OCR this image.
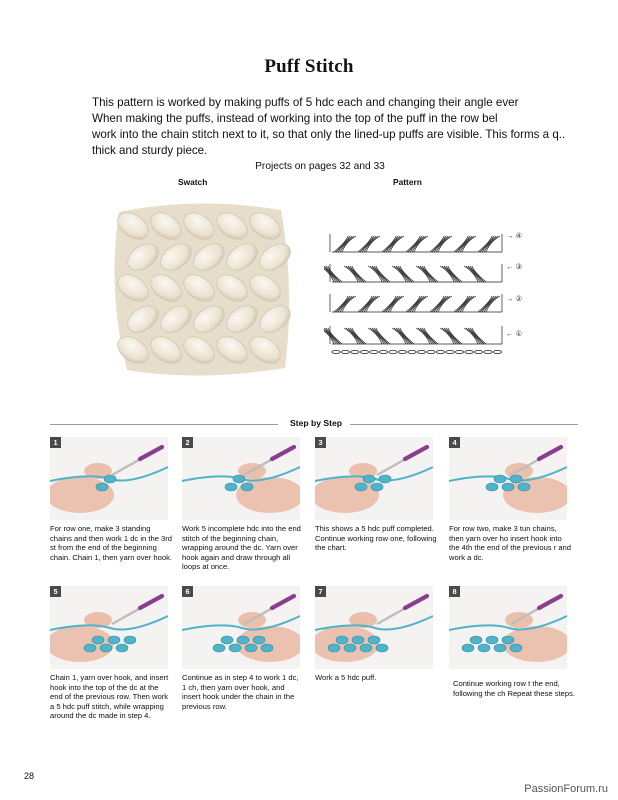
Puff Stitch
This pattern is worked by making puffs of 5 hdc each and changing their angle ever
When making the puffs, instead of working into the top of the puff in the row bel
work into the chain stitch next to it, so that only the lined-up puffs are visible. This forms a q..
thick and sturdy piece.
Projects on pages 32 and 33
Swatch	Pattern
→ ④
← ③
→ ②
← ①
Step by Step
1
For row one, make 3 standing chains and then work 1 dc in the 3rd st from the end of the beginning chain. Chain 1, then yarn over hook.
2
Work 5 incomplete hdc into the end stitch of the beginning chain, wrapping around the dc. Yarn over hook again and draw through all loops at once.
3
This shows a 5 hdc puff completed. Continue working row one, following the chart.
4
For row two, make 3 tun chains, then yarn over ho insert hook into the 4th the end of the previous r and work a dc.
5
Chain 1, yarn over hook, and insert hook into the top of the dc at the end of the previous row. Then work a 5 hdc puff stitch, while wrapping around the dc made in step 4.
6
Continue as in step 4 to work 1 dc, 1 ch, then yarn over hook, and insert hook under the chain in the previous row.
7
Work a 5 hdc puff.
8
Continue working row t the end, following the ch Repeat these steps.
28
PassionForum.ru
